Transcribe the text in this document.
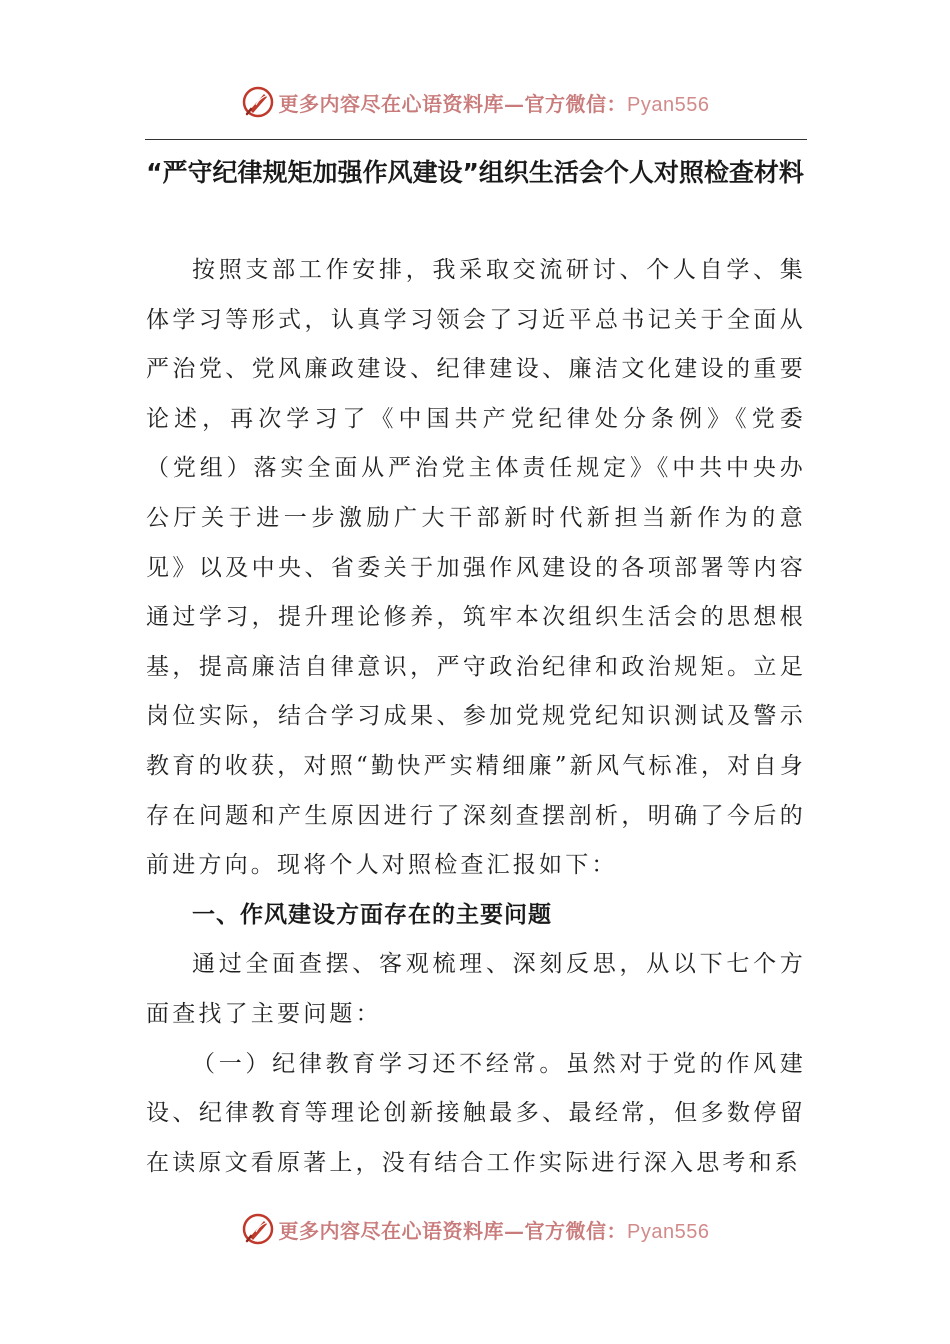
更多内容尽在心语资料库—官方微信：Pyan556
“严守纪律规矩加强作风建设”组织生活会个人对照检查材料

按照支部工作安排，我采取交流研讨、个人自学、集体学习等形式，认真学习领会了习近平总书记关于全面从严治党、党风廉政建设、纪律建设、廉洁文化建设的重要论述，再次学习了《中国共产党纪律处分条例》《党委（党组）落实全面从严治党主体责任规定》《中共中央办公厅关于进一步激励广大干部新时代新担当新作为的意见》以及中央、省委关于加强作风建设的各项部署等内容通过学习，提升理论修养，筑牢本次组织生活会的思想根基，提高廉洁自律意识，严守政治纪律和政治规矩。立足岗位实际，结合学习成果、参加党规党纪知识测试及警示教育的收获，对照“勤快严实精细廉”新风气标准，对自身存在问题和产生原因进行了深刻查摆剖析，明确了今后的前进方向。现将个人对照检查汇报如下：

一、作风建设方面存在的主要问题

通过全面查摆、客观梳理、深刻反思，从以下七个方面查找了主要问题：

（一）纪律教育学习还不经常。虽然对于党的作风建设、纪律教育等理论创新接触最多、最经常，但多数停留在读原文看原著上，没有结合工作实际进行深入思考和系

更多内容尽在心语资料库—官方微信：Pyan556
